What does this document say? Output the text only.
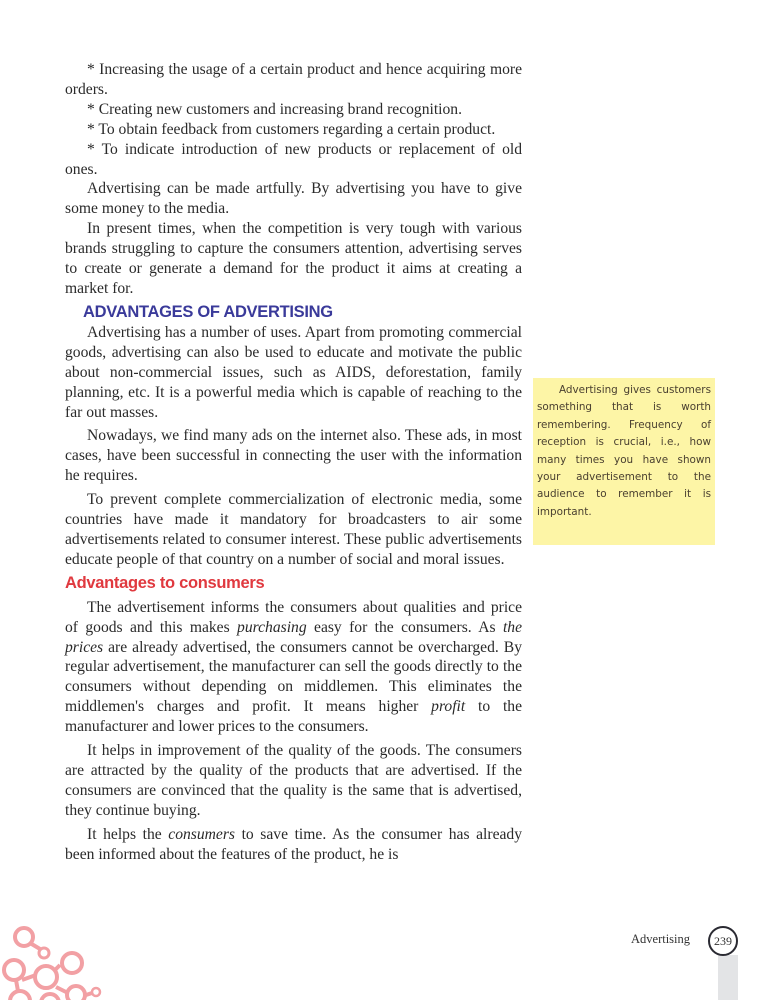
* Increasing the usage of a certain product and hence acquiring more orders.

* Creating new customers and increasing brand recognition.

* To obtain feedback from customers regarding a certain product.

* To indicate introduction of new products or replacement of old ones.

Advertising can be made artfully. By advertising you have to give some money to the media.

In present times, when the competition is very tough with various brands struggling to capture the consumers attention, advertising serves to create or generate a demand for the product it aims at creating a market for.

ADVANTAGES OF ADVERTISING

Advertising has a number of uses. Apart from promoting commercial goods, advertising can also be used to educate and motivate the public about non-commercial issues, such as AIDS, deforestation, family planning, etc. It is a powerful media which is capable of reaching to the far out masses.

Nowadays, we find many ads on the internet also. These ads, in most cases, have been successful in connecting the user with the information he requires.

To prevent complete commercialization of electronic media, some countries have made it mandatory for broadcasters to air some advertisements related to consumer interest. These public advertisements educate people of that country on a number of social and moral issues.

Advantages to consumers

The advertisement informs the consumers about qualities and price of goods and this makes purchasing easy for the consumers. As the prices are already advertised, the consumers cannot be overcharged. By regular advertisement, the manufacturer can sell the goods directly to the consumers without depending on middlemen. This eliminates the middlemen's charges and profit. It means higher profit to the manufacturer and lower prices to the consumers.

It helps in improvement of the quality of the goods. The consumers are attracted by the quality of the products that are advertised. If the consumers are convinced that the quality is the same that is advertised, they continue buying.

It helps the consumers to save time. As the consumer has already been informed about the features of the product, he is

Advertising gives customers something that is worth remembering. Frequency of reception is crucial, i.e., how many times you have shown your advertisement to the audience to remember it is important.

Advertising	239
